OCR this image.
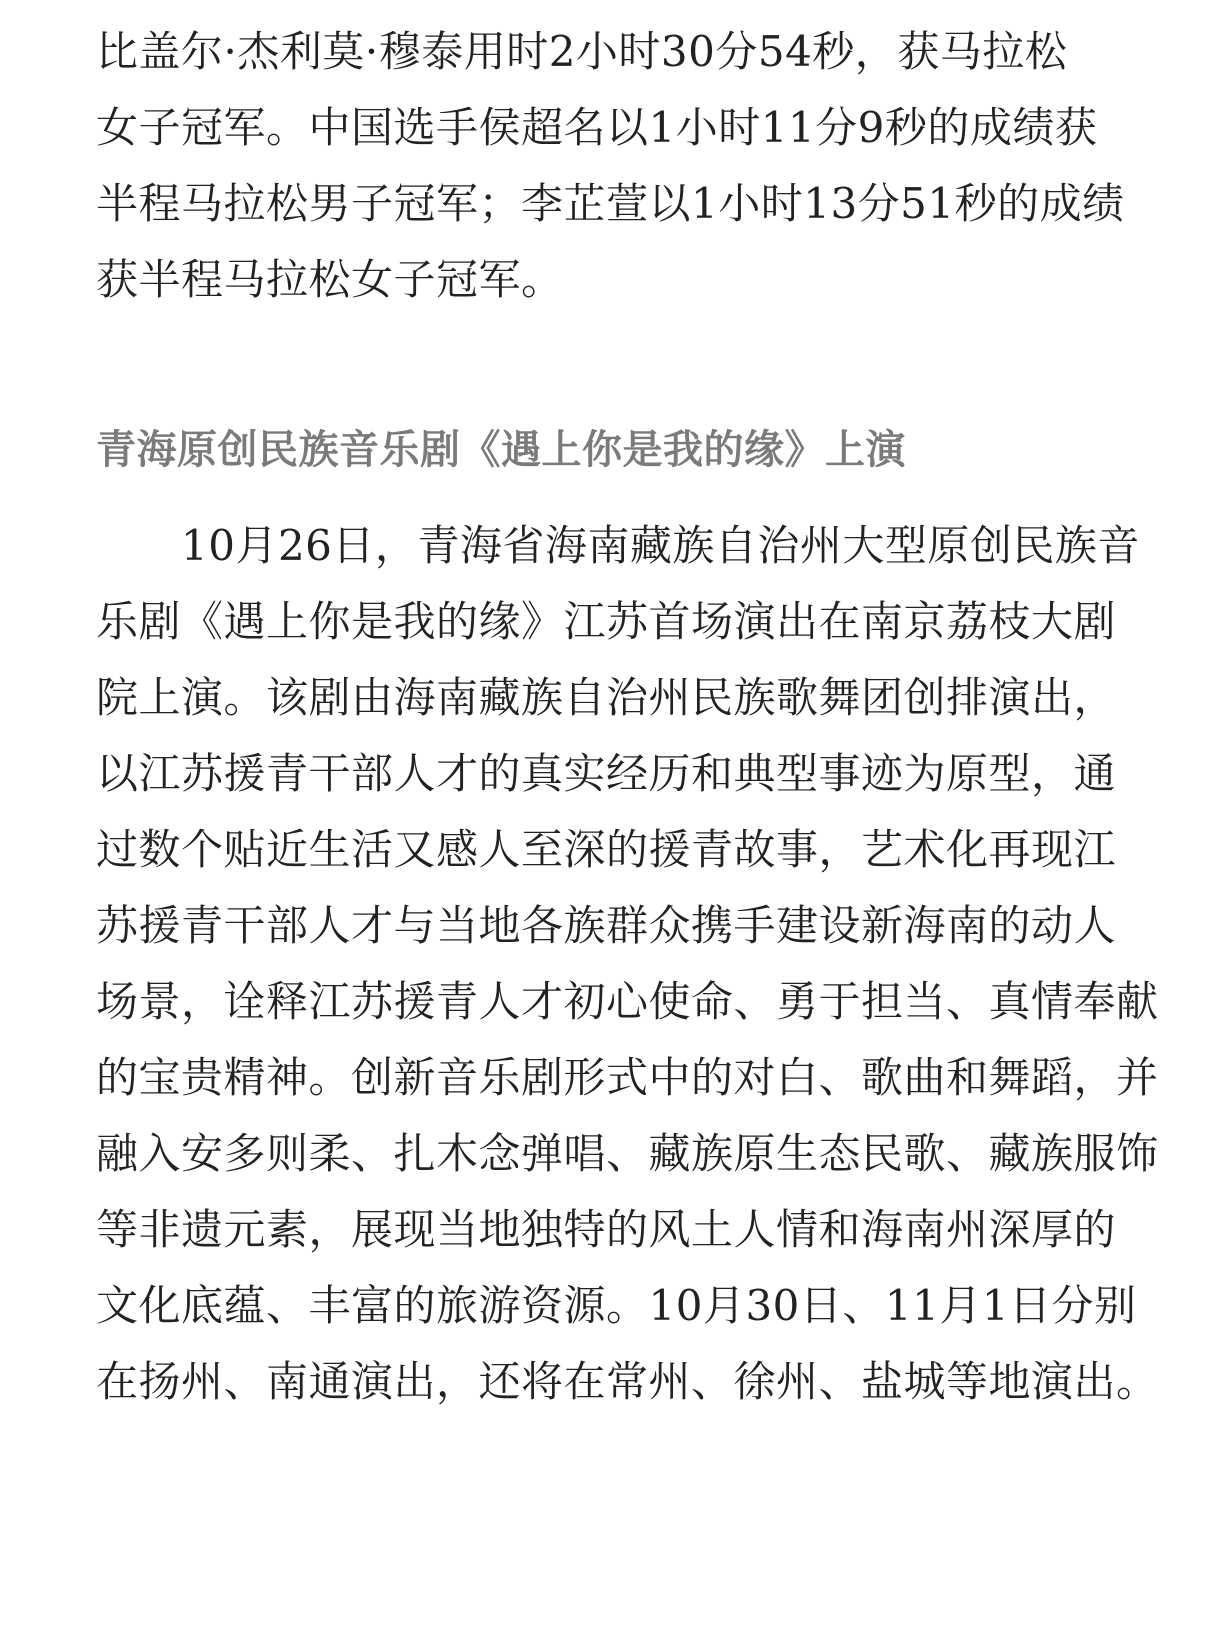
比盖尔·杰利莫·穆泰用时2小时30分54秒，获马拉松
女子冠军。中国选手侯超名以1小时11分9秒的成绩获
半程马拉松男子冠军；李芷萱以1小时13分51秒的成绩
获半程马拉松女子冠军。
青海原创民族音乐剧《遇上你是我的缘》上演
　　10月26日，青海省海南藏族自治州大型原创民族音
乐剧《遇上你是我的缘》江苏首场演出在南京荔枝大剧
院上演。该剧由海南藏族自治州民族歌舞团创排演出，
以江苏援青干部人才的真实经历和典型事迹为原型，通
过数个贴近生活又感人至深的援青故事，艺术化再现江
苏援青干部人才与当地各族群众携手建设新海南的动人
场景，诠释江苏援青人才初心使命、勇于担当、真情奉献
的宝贵精神。创新音乐剧形式中的对白、歌曲和舞蹈，并
融入安多则柔、扎木念弹唱、藏族原生态民歌、藏族服饰
等非遗元素，展现当地独特的风土人情和海南州深厚的
文化底蕴、丰富的旅游资源。10月30日、11月1日分别
在扬州、南通演出，还将在常州、徐州、盐城等地演出。
